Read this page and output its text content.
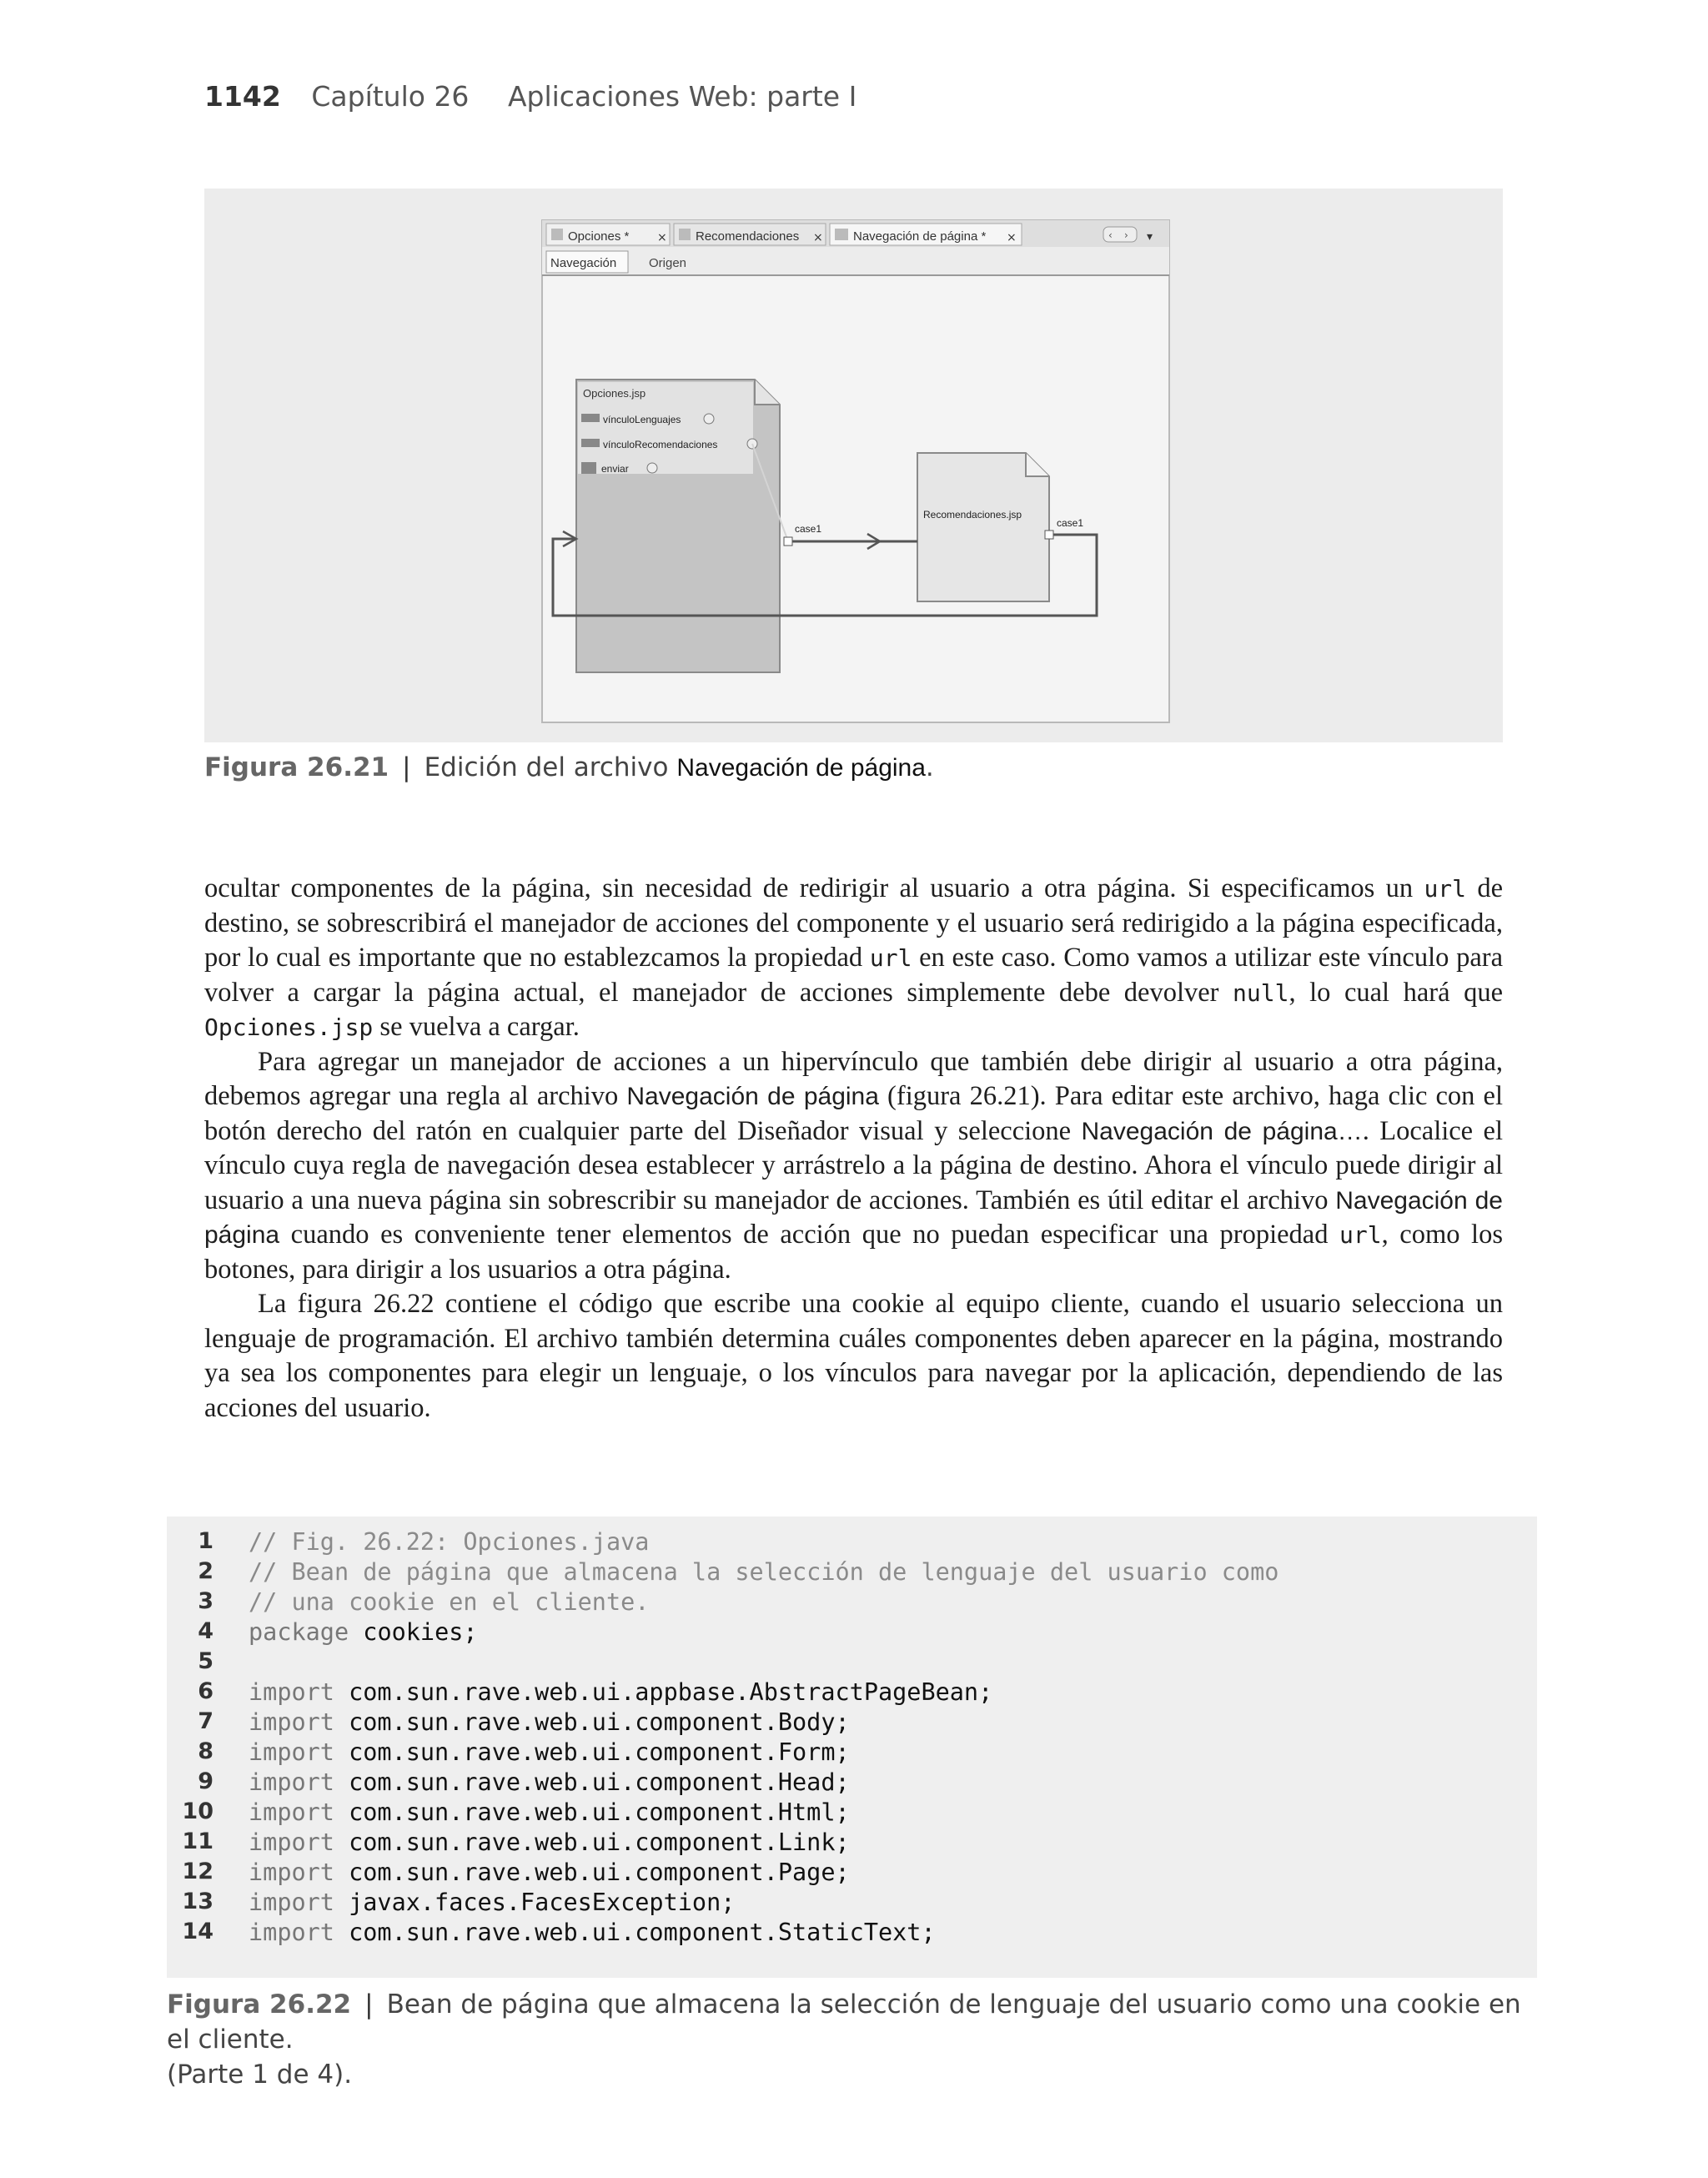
1142 Capítulo 26 Aplicaciones Web: parte I
Opciones * × Recomendaciones × Navegación de página * ×	‹ › ▾
Navegación	Origen
Opciones.jsp
vínculoLenguajes
vínculoRecomendaciones
enviar
Recomendaciones.jsp
case1	case1
Figura 26.21 | Edición del archivo Navegación de página.

ocultar componentes de la página, sin necesidad de redirigir al usuario a otra página. Si especificamos un url de destino, se sobrescribirá el manejador de acciones del componente y el usuario será redirigido a la página especificada, por lo cual es importante que no establezcamos la propiedad url en este caso. Como vamos a utilizar este vínculo para volver a cargar la página actual, el manejador de acciones simplemente debe devolver null, lo cual hará que Opciones.jsp se vuelva a cargar.

Para agregar un manejador de acciones a un hipervínculo que también debe dirigir al usuario a otra página, debemos agregar una regla al archivo Navegación de página (figura 26.21). Para editar este archivo, haga clic con el botón derecho del ratón en cualquier parte del Diseñador visual y seleccione Navegación de página…. Localice el vínculo cuya regla de navegación desea establecer y arrástrelo a la página de destino. Ahora el vínculo puede dirigir al usuario a una nueva página sin sobrescribir su manejador de acciones. También es útil editar el archivo Navegación de página cuando es conveniente tener elementos de acción que no puedan especificar una propiedad url, como los botones, para dirigir a los usuarios a otra página.

La figura 26.22 contiene el código que escribe una cookie al equipo cliente, cuando el usuario selecciona un lenguaje de programación. El archivo también determina cuáles componentes deben aparecer en la página, mostrando ya sea los componentes para elegir un lenguaje, o los vínculos para navegar por la aplicación, dependiendo de las acciones del usuario.

1 // Fig. 26.22: Opciones.java
2 // Bean de página que almacena la selección de lenguaje del usuario como
3 // una cookie en el cliente.
4 package cookies;
5
6 import com.sun.rave.web.ui.appbase.AbstractPageBean;
7 import com.sun.rave.web.ui.component.Body;
8 import com.sun.rave.web.ui.component.Form;
9 import com.sun.rave.web.ui.component.Head;
10 import com.sun.rave.web.ui.component.Html;
11 import com.sun.rave.web.ui.component.Link;
12 import com.sun.rave.web.ui.component.Page;
13 import javax.faces.FacesException;
14 import com.sun.rave.web.ui.component.StaticText;
Figura 26.22 | Bean de página que almacena la selección de lenguaje del usuario como una cookie en el cliente.
(Parte 1 de 4).
